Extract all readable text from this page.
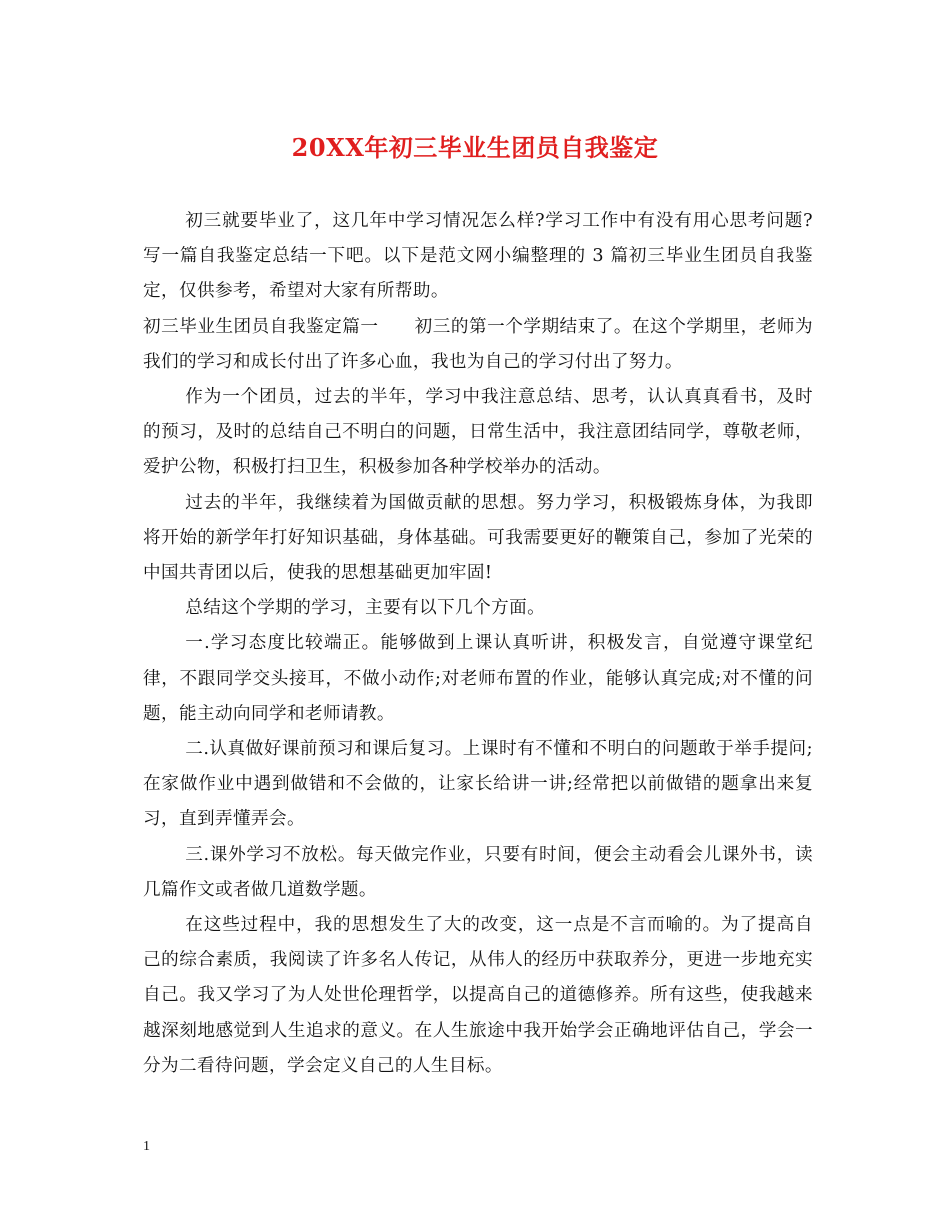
20XX年初三毕业生团员自我鉴定

初三就要毕业了，这几年中学习情况怎么样?学习工作中有没有用心思考问题?写一篇自我鉴定总结一下吧。以下是范文网小编整理的 3 篇初三毕业生团员自我鉴定，仅供参考，希望对大家有所帮助。

初三毕业生团员自我鉴定篇一　　初三的第一个学期结束了。在这个学期里，老师为我们的学习和成长付出了许多心血，我也为自己的学习付出了努力。

作为一个团员，过去的半年，学习中我注意总结、思考，认认真真看书，及时的预习，及时的总结自己不明白的问题，日常生活中，我注意团结同学，尊敬老师，爱护公物，积极打扫卫生，积极参加各种学校举办的活动。

过去的半年，我继续着为国做贡献的思想。努力学习，积极锻炼身体，为我即将开始的新学年打好知识基础，身体基础。可我需要更好的鞭策自己，参加了光荣的中国共青团以后，使我的思想基础更加牢固!

总结这个学期的学习，主要有以下几个方面。

一.学习态度比较端正。能够做到上课认真听讲，积极发言，自觉遵守课堂纪律，不跟同学交头接耳，不做小动作;对老师布置的作业，能够认真完成;对不懂的问题，能主动向同学和老师请教。

二.认真做好课前预习和课后复习。上课时有不懂和不明白的问题敢于举手提问;在家做作业中遇到做错和不会做的，让家长给讲一讲;经常把以前做错的题拿出来复习，直到弄懂弄会。

三.课外学习不放松。每天做完作业，只要有时间，便会主动看会儿课外书，读几篇作文或者做几道数学题。

在这些过程中，我的思想发生了大的改变，这一点是不言而喻的。为了提高自己的综合素质，我阅读了许多名人传记，从伟人的经历中获取养分，更进一步地充实自己。我又学习了为人处世伦理哲学，以提高自己的道德修养。所有这些，使我越来越深刻地感觉到人生追求的意义。在人生旅途中我开始学会正确地评估自己，学会一分为二看待问题，学会定义自己的人生目标。

1
